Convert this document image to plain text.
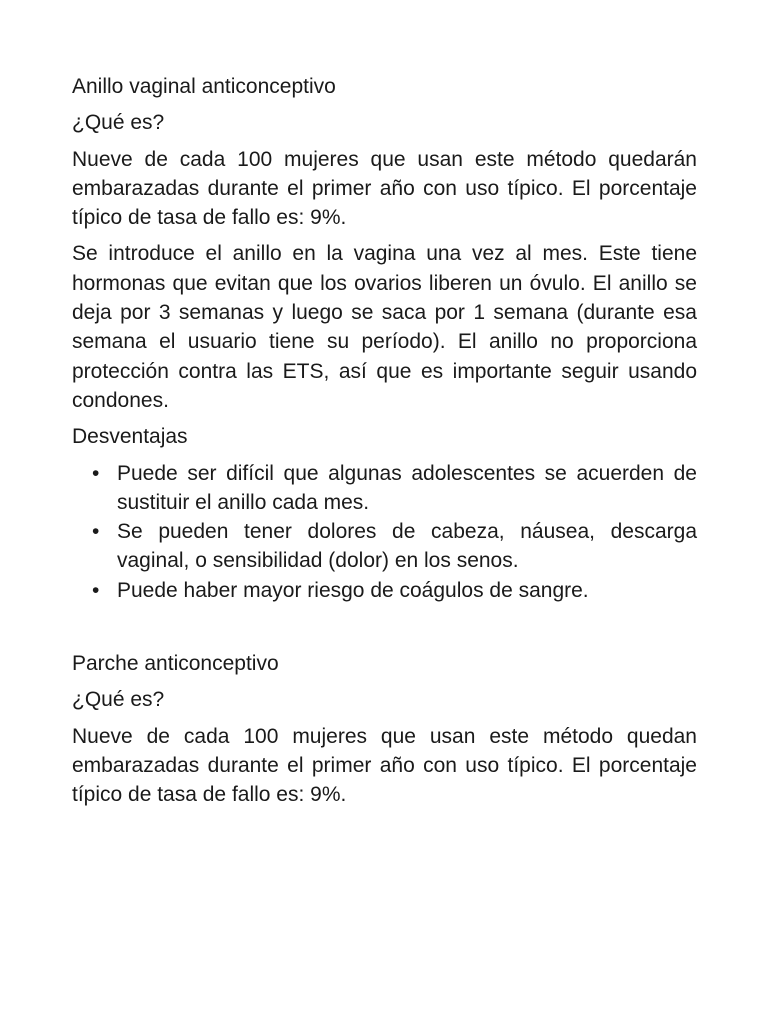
Anillo vaginal anticonceptivo

¿Qué es?

Nueve de cada 100 mujeres que usan este método quedarán embarazadas durante el primer año con uso típico. El porcentaje típico de tasa de fallo es: 9%.

Se introduce el anillo en la vagina una vez al mes. Este tiene hormonas que evitan que los ovarios liberen un óvulo. El anillo se deja por 3 semanas y luego se saca por 1 semana (durante esa semana el usuario tiene su período). El anillo no proporciona protección contra las ETS, así que es importante seguir usando condones.

Desventajas

• Puede ser difícil que algunas adolescentes se acuerden de sustituir el anillo cada mes.
• Se pueden tener dolores de cabeza, náusea, descarga vaginal, o sensibilidad (dolor) en los senos.
• Puede haber mayor riesgo de coágulos de sangre.

Parche anticonceptivo

¿Qué es?

Nueve de cada 100 mujeres que usan este método quedan embarazadas durante el primer año con uso típico. El porcentaje típico de tasa de fallo es: 9%.
